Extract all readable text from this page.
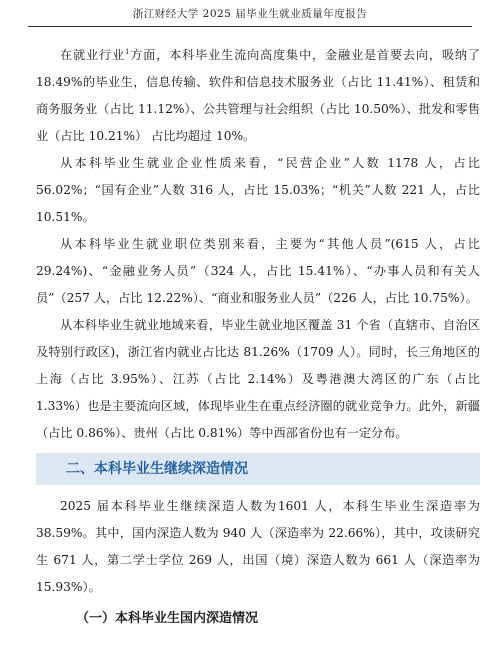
浙江财经大学 2025 届毕业生就业质量年度报告

在就业行业$^1$方面，本科毕业生流向高度集中，金融业是首要去向，吸纳了 18.49%的毕业生，信息传输、软件和信息技术服务业（占比 11.41%）、租赁和商务服务业（占比 11.12%）、公共管理与社会组织（占比 10.50%）、批发和零售业（占比 10.21%） 占比均超过 10%。

从本科毕业生就业企业性质来看，“民营企业”人数 1178 人，占比 56.02%；“国有企业”人数 316 人，占比 15.03%；“机关”人数 221 人，占比 10.51%。

从本科毕业生就业职位类别来看，主要为“其他人员”(615 人，占比 29.24%)、“金融业务人员”（324 人，占比 15.41%）、“办事人员和有关人员”（257 人，占比 12.22%）、“商业和服务业人员”（226 人，占比 10.75%）。

从本科毕业生就业地域来看，毕业生就业地区覆盖 31 个省（直辖市、自治区及特别行政区)，浙江省内就业占比达 81.26%（1709 人）。同时，长三角地区的上海（占比 3.95%）、江苏（占比 2.14%）及粤港澳大湾区的广东（占比 1.33%）也是主要流向区域，体现毕业生在重点经济圈的就业竞争力。此外，新疆（占比 0.86%）、贵州（占比 0.81%）等中西部省份也有一定分布。

二、本科毕业生继续深造情况

2025 届本科毕业生继续深造人数为1601 人，本科生毕业生深造率为38.59%。其中，国内深造人数为 940 人（深造率为 22.66%），其中，攻读研究生 671 人，第二学士学位 269 人，出国（境）深造人数为 661 人（深造率为 15.93%）。

（一）本科毕业生国内深造情况
